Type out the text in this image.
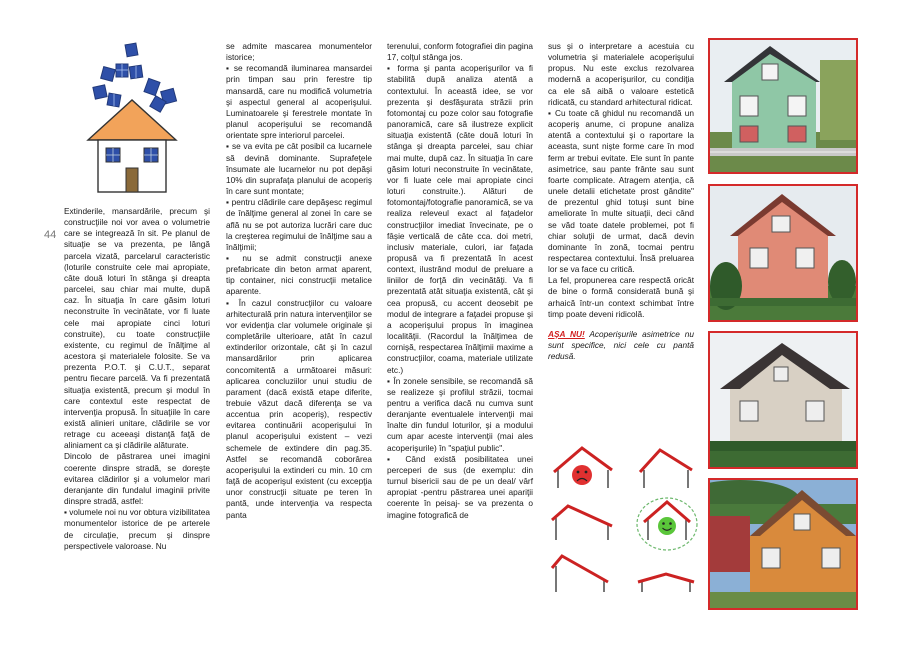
44

Extinderile, mansardările, precum şi construcţiile noi vor avea o volumetrie care se integrează în sit. Pe planul de situaţie se va prezenta, pe lângă parcela vizată, parcelarul caracteristic (loturile construite cele mai apropiate, câte două loturi în stânga şi dreapta parcelei, sau chiar mai multe, după caz. În situaţia în care găsim loturi neconstruite în vecinătate, vor fi luate cele mai apropiate cinci loturi construite), cu toate construcţiile existente, cu regimul de înălţime al acestora şi materialele folosite. Se va prezenta P.O.T. şi C.U.T., separat pentru fiecare parcelă. Va fi prezentată situaţia existentă, precum şi modul în care contextul este respectat de intervenţia propusă. În situaţiile în care există alinieri unitare, clădirile se vor retrage cu aceeaşi distanţă faţă de aliniament ca şi clădirile alăturate.

Dincolo de păstrarea unei imagini coerente dinspre stradă, se doreşte evitarea clădirilor şi a volumelor mari deranjante din fundalul imaginii privite dinspre stradă, astfel:

▪ volumele noi nu vor obtura vizibilitatea monumentelor istorice de pe arterele de circulaţie, precum şi dinspre perspectivele valoroase. Nu

se admite mascarea monumentelor istorice;

▪ se recomandă iluminarea mansardei prin timpan sau prin ferestre tip mansardă, care nu modifică volumetria şi aspectul general al acoperişului. Luminatoarele şi ferestrele montate în planul acoperişului se recomandă orientate spre interiorul parcelei.

▪ se va evita pe cât posibil ca lucarnele să devină dominante. Suprafeţele însumate ale lucarnelor nu pot depăşi 10% din suprafaţa planului de acoperiş în care sunt montate;

▪ pentru clădirile care depăşesc regimul de înălţime general al zonei în care se află nu se pot autoriza lucrări care duc la creşterea regimului de înălţime sau a înălţimii;

▪ nu se admit construcţii anexe prefabricate din beton armat aparent, tip container, nici construcţii metalice aparente.

▪ În cazul construcţiilor cu valoare arhitecturală prin natura intervenţiilor se vor evidenţia clar volumele originale şi completările ulterioare, atât în cazul extinderilor orizontale, cât şi în cazul mansardărilor prin aplicarea concomitentă a următoarei măsuri: aplicarea concluziilor unui studiu de parament (dacă există etape diferite, trebuie văzut dacă diferenţa se va accentua prin acoperiş), respectiv evitarea continuării acoperişului în planul acoperişului existent – vezi schemele de extindere din pag.35. Astfel se recomandă coborârea acoperişului la extinderi cu min. 10 cm faţă de acoperişul existent (cu excepţia unor construcţii situate pe teren în pantă, unde intervenţia va respecta panta

terenului, conform fotografiei din pagina 17, colţul stânga jos.

▪ forma şi panta acoperişurilor va fi stabilită după analiza atentă a contextului. În această idee, se vor prezenta şi desfăşurata străzii prin fotomontaj cu poze color sau fotografie panoramică, care să ilustreze explicit situaţia existentă (câte două loturi în stânga şi dreapta parcelei, sau chiar mai multe, după caz. În situaţia în care găsim loturi neconstruite în vecinătate, vor fi luate cele mai apropiate cinci loturi construite.). Alături de fotomontaj/fotografie panoramică, se va realiza releveul exact al faţadelor construcţiilor imediat învecinate, pe o fâşie verticală de câte cca. doi metri, inclusiv materiale, culori, iar faţada propusă va fi prezentată în acest context, ilustrând modul de preluare a liniilor de forţă din vecinătăţi. Va fi prezentată atât situaţia existentă, cât şi cea propusă, cu accent deosebit pe modul de integrare a faţadei propuse şi a acoperişului propus în imaginea localităţii. (Racordul la înălţimea de cornişă, respectarea înălţimii maxime a construcţiilor, coama, materiale utilizate etc.)

▪ În zonele sensibile, se recomandă să se realizeze şi profilul străzii, tocmai pentru a verifica dacă nu cumva sunt deranjante eventualele intervenţii mai înalte din fundul loturilor, şi a modului cum apar aceste intervenţii (mai ales acoperişurile) în "spaţiul public".

▪ Când există posibilitatea unei perceperi de sus (de exemplu: din turnul bisericii sau de pe un deal/ vârf apropiat -pentru păstrarea unei apariţii coerente în peisaj- se va prezenta o imagine fotografică de

sus şi o interpretare a acestuia cu volumetria şi materialele acoperişului propus. Nu este exclus rezolvarea modernă a acoperişurilor, cu condiţia ca ele să aibă o valoare estetică ridicată, cu standard arhitectural ridicat.

▪ Cu toate că ghidul nu recomandă un acoperiş anume, ci propune analiza atentă a contextului şi o raportare la aceasta, sunt nişte forme care în mod ferm ar trebui evitate. Ele sunt în pante asimetrice, sau pante frânte sau sunt foarte complicate. Atragem atenţia, că unele detalii etichetate prost gândite" de prezentul ghid totuşi sunt bine ameliorate în multe situaţii, deci când se văd toate datele problemei, pot fi chiar soluţii de urmat, dacă devin dominante în zonă, tocmai pentru respectarea contextului. Însă preluarea lor se va face cu critică.

La fel, propunerea care respectă oricât de bine o formă considerată bună şi arhaică într-un context schimbat între timp poate deveni ridicolă.

AŞA NU! Acoperişurile asimetrice nu sunt specifice, nici cele cu pantă redusă.
